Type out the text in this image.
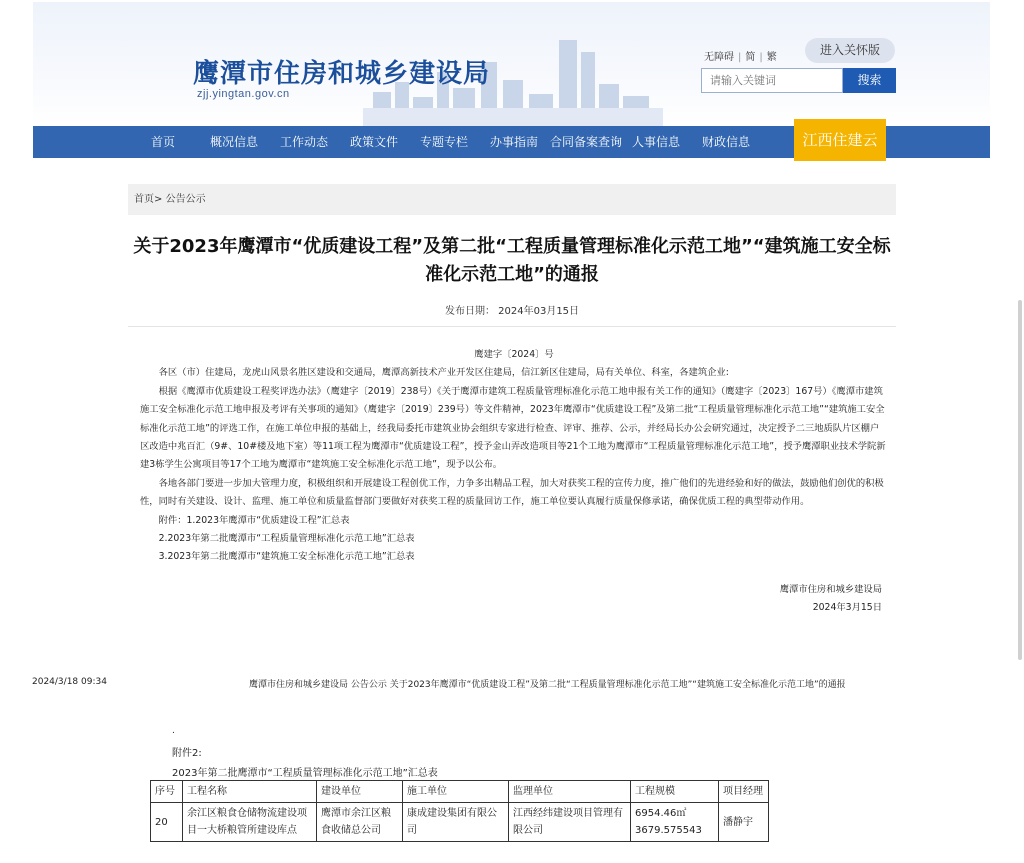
鹰潭市住房和城乡建设局
zjj.yingtan.gov.cn
无障碍 | 简 | 繁
进入关怀版
请输入关键词
搜索
首页	概况信息 工作动态 政策文件 专题专栏 办事指南 合同备案查询 人事信息 财政信息	江西住建云
首页> 公告公示
关于2023年鹰潭市“优质建设工程”及第二批“工程质量管理标准化示范工地”“建筑施工安全标准化示范工地”的通报
发布日期： 2024年03月15日

鹰建字〔2024〕号

各区（市）住建局，龙虎山风景名胜区建设和交通局，鹰潭高新技术产业开发区住建局，信江新区住建局，局有关单位、科室，各建筑企业:

根据《鹰潭市优质建设工程奖评选办法》（鹰建字〔2019〕238号）《关于鹰潭市建筑工程质量管理标准化示范工地申报有关工作的通知》（鹰建字〔2023〕167号）《鹰潭市建筑施工安全标准化示范工地申报及考评有关事项的通知》（鹰建字〔2019〕239号）等文件精神，2023年鹰潭市“优质建设工程”及第二批“工程质量管理标准化示范工地”“建筑施工安全标准化示范工地”的评选工作，在施工单位申报的基础上，经我局委托市建筑业协会组织专家进行检查、评审、推荐、公示，并经局长办公会研究通过，决定授予二三地质队片区棚户区改造中兆百汇（9#、10#楼及地下室）等11项工程为鹰潭市“优质建设工程”，授予金山弄改造项目等21个工地为鹰潭市“工程质量管理标准化示范工地”，授予鹰潭职业技术学院新建3栋学生公寓项目等17个工地为鹰潭市“建筑施工安全标准化示范工地”，现予以公布。

各地各部门要进一步加大管理力度，积极组织和开展建设工程创优工作，力争多出精品工程，加大对获奖工程的宣传力度，推广他们的先进经验和好的做法，鼓励他们创优的积极性，同时有关建设、设计、监理、施工单位和质量监督部门要做好对获奖工程的质量回访工作，施工单位要认真履行质量保修承诺，确保优质工程的典型带动作用。

附件：1.2023年鹰潭市“优质建设工程”汇总表

2.2023年第二批鹰潭市“工程质量管理标准化示范工地”汇总表

3.2023年第二批鹰潭市“建筑施工安全标准化示范工地”汇总表

鹰潭市住房和城乡建设局

2024年3月15日

2024/3/18 09:34	鹰潭市住房和城乡建设局 公告公示 关于2023年鹰潭市“优质建设工程”及第二批“工程质量管理标准化示范工地”“建筑施工安全标准化示范工地”的通报
.
附件2:
2023年第二批鹰潭市“工程质量管理标准化示范工地”汇总表
序号	工程名称	建设单位	施工单位	监理单位	工程规模	项目经理
20	余江区粮食仓储物流建设项目一大桥粮管所建设库点	鹰潭市余江区粮食收储总公司	康成建设集团有限公司	江西经纬建设项目管理有限公司	6954.46㎡ 3679.575543	潘静宇
